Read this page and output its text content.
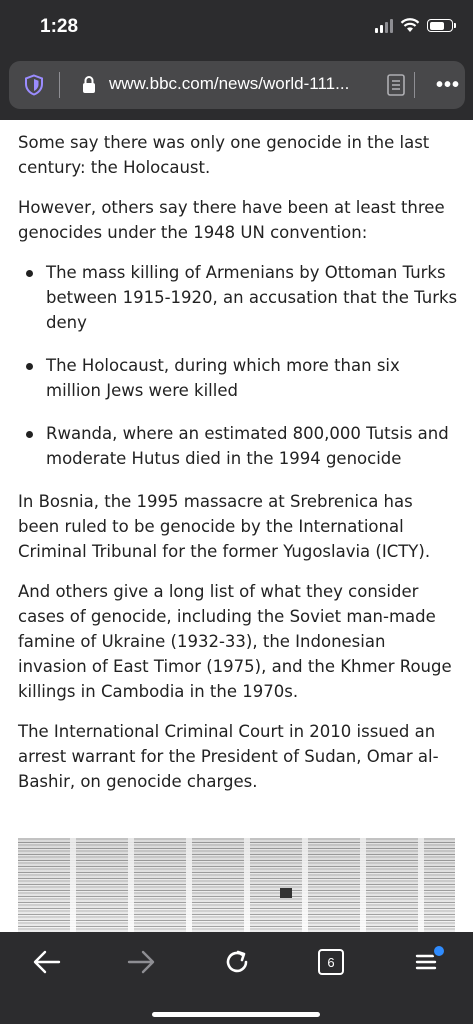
1:28
www.bbc.com/news/world-111...	•••

Some say there was only one genocide in the last century: the Holocaust.

However, others say there have been at least three genocides under the 1948 UN convention:

The mass killing of Armenians by Ottoman Turks between 1915-1920, an accusation that the Turks deny
The Holocaust, during which more than six million Jews were killed
Rwanda, where an estimated 800,000 Tutsis and moderate Hutus died in the 1994 genocide

In Bosnia, the 1995 massacre at Srebrenica has been ruled to be genocide by the International Criminal Tribunal for the former Yugoslavia (ICTY).

And others give a long list of what they consider cases of genocide, including the Soviet man-made famine of Ukraine (1932-33), the Indonesian invasion of East Timor (1975), and the Khmer Rouge killings in Cambodia in the 1970s.

The International Criminal Court in 2010 issued an arrest warrant for the President of Sudan, Omar al-Bashir, on genocide charges.

6
